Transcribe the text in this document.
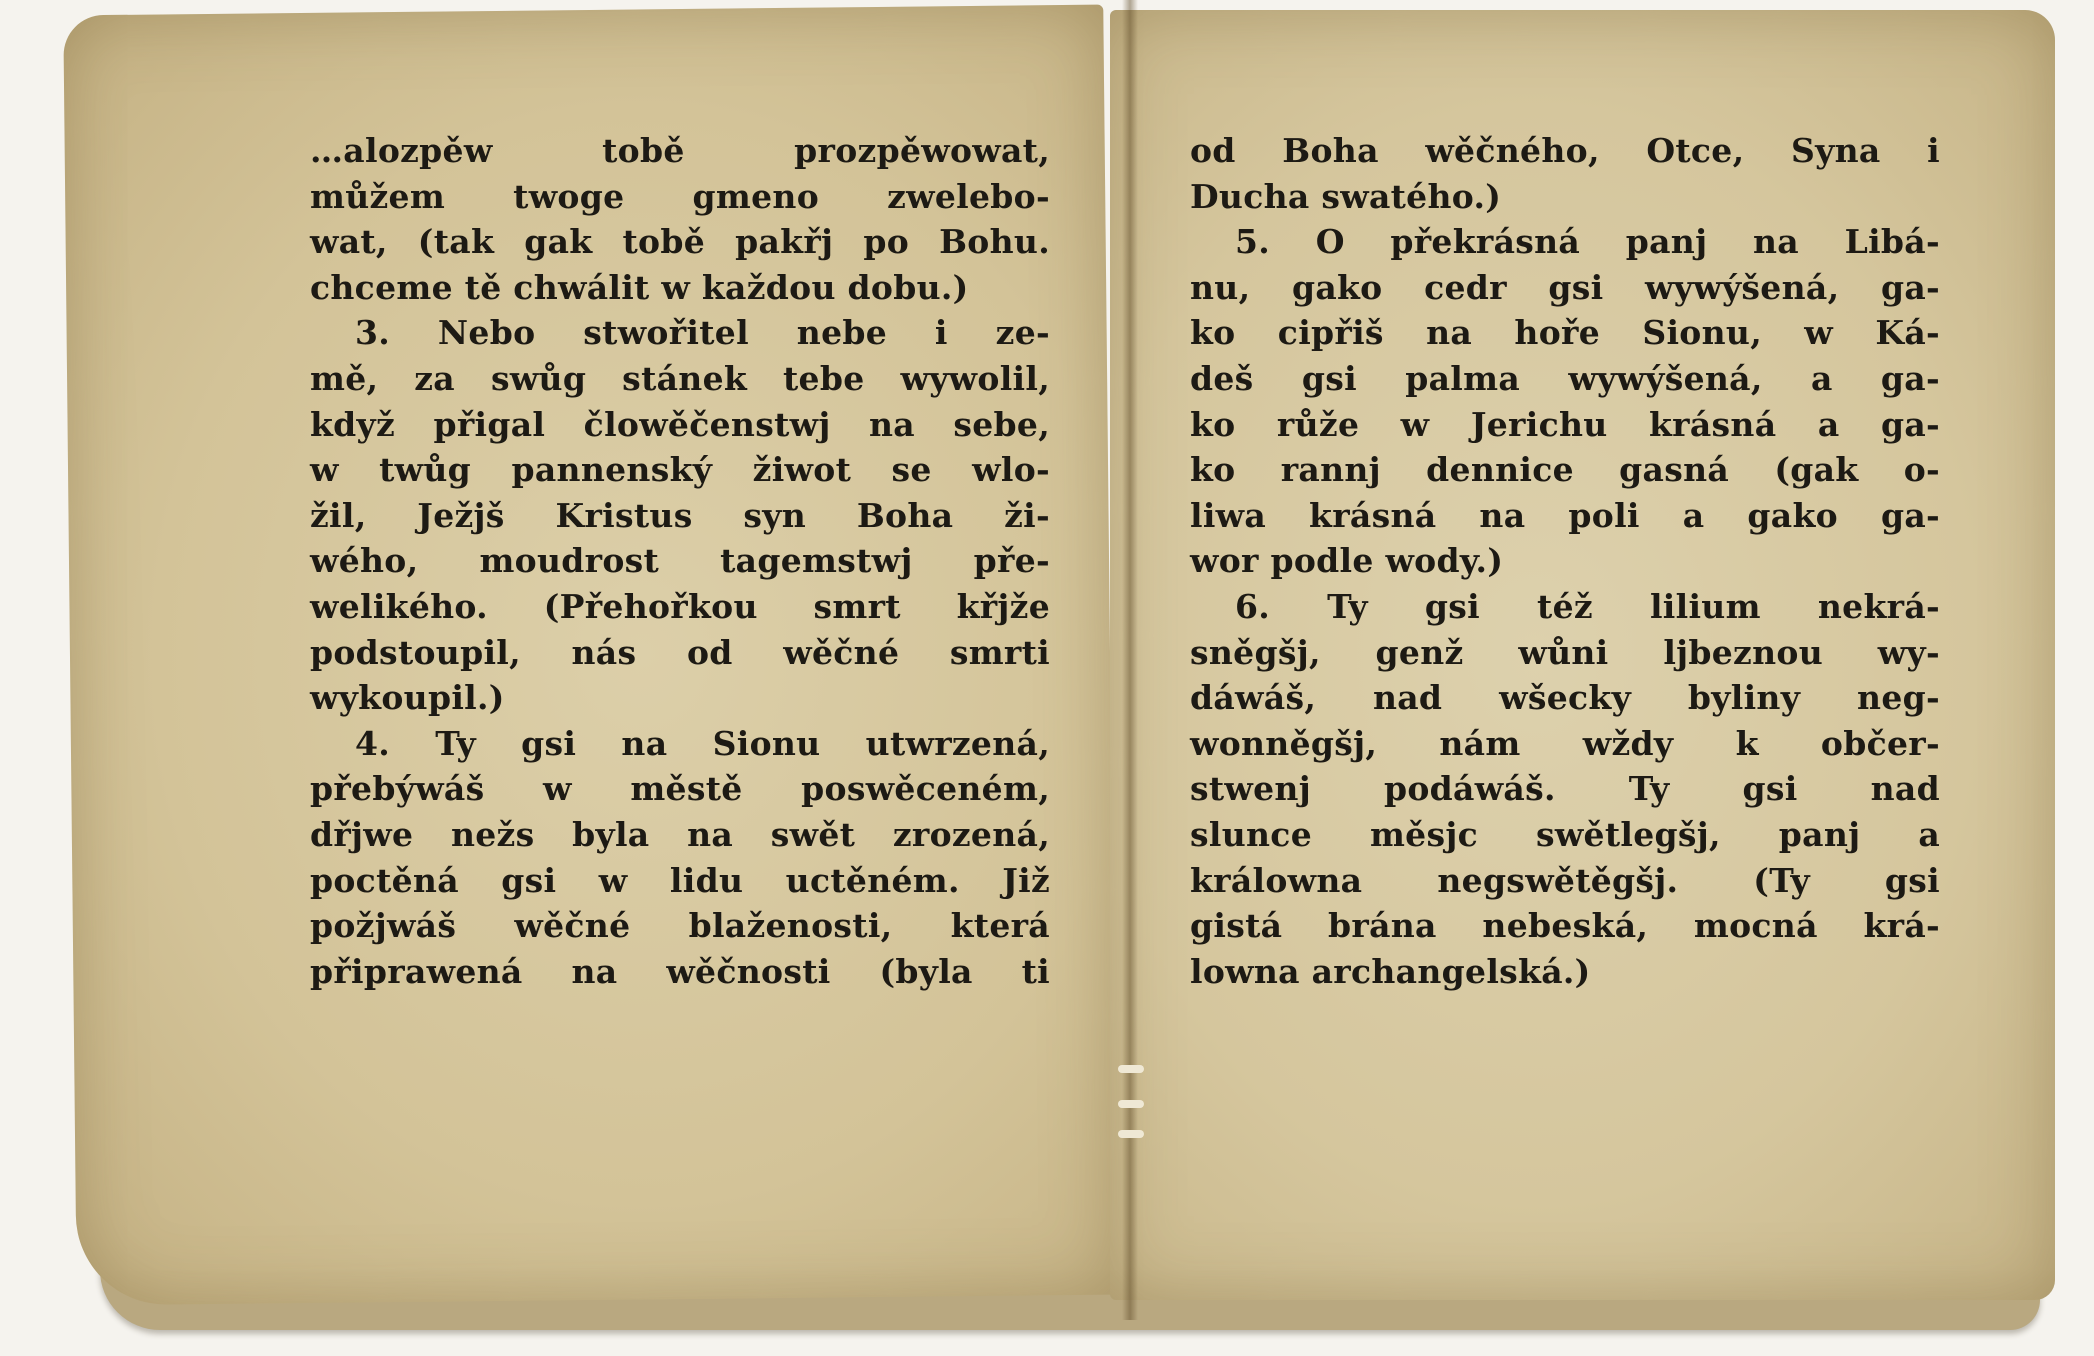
…alozpěw tobě prozpěwowat,
můžem twoge gmeno zwelebo-
wat, (tak gak tobě pakřj po Bohu.
chceme tě chwálit w každou dobu.)
3. Nebo stwořitel nebe i ze-
mě, za swůg stánek tebe wywolil,
když přigal člowěčenstwj na sebe,
w twůg pannenský žiwot se wlo-
žil, Ježjš Kristus syn Boha ži-
wého, moudrost tagemstwj pře-
welikého. (Přehořkou smrt křjže
podstoupil, nás od wěčné smrti
wykoupil.)
4. Ty gsi na Sionu utwrzená,
přebýwáš w městě poswěceném,
dřjwe nežs byla na swět zrozená,
poctěná gsi w lidu uctěném. Již
požjwáš wěčné blaženosti, která
připrawená na wěčnosti (byla ti
od Boha wěčného, Otce, Syna i
Ducha swatého.)
5. O překrásná panj na Libá-
nu, gako cedr gsi wywýšená, ga-
ko cipřiš na hoře Sionu, w Ká-
deš gsi palma wywýšená, a ga-
ko růže w Jerichu krásná a ga-
ko rannj dennice gasná (gak o-
liwa krásná na poli a gako ga-
wor podle wody.)
6. Ty gsi též lilium nekrá-
sněgšj, genž wůni ljbeznou wy-
dáwáš, nad wšecky byliny neg-
wonněgšj, nám wždy k občer-
stwenj podáwáš. Ty gsi nad
slunce měsjc swětlegšj, panj a
králowna negswětěgšj. (Ty gsi
gistá brána nebeská, mocná krá-
lowna archangelská.)
